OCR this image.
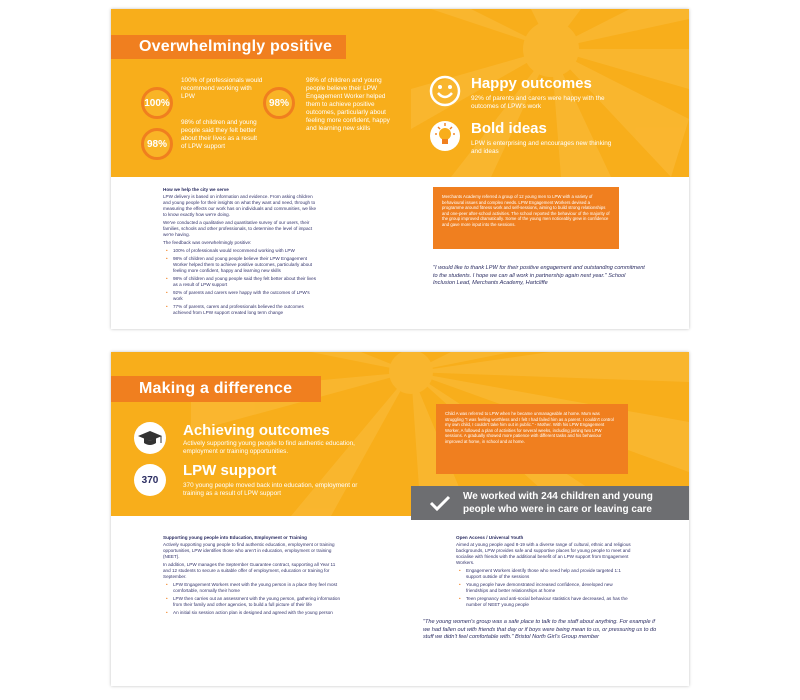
Overwhelmingly positive
100%
100% of professionals would recommend working with LPW
98%
98% of children and young people said they felt better about their lives as a result of LPW support
98%
98% of children and young people believe their LPW Engagement Worker helped them to achieve positive outcomes, particularly about feeling more confident, happy and learning new skills
Happy outcomes
92% of parents and carers were happy with the outcomes of LPW's work
Bold ideas
LPW is enterprising and encourages new thinking and ideas
How we help the city we serve

LPW delivery is based on information and evidence. From asking children and young people for their insights on what they want and need, through to measuring the effects our work has on individuals and communities, we like to know exactly how we're doing.

We've conducted a qualitative and quantitative survey of our users, their families, schools and other professionals, to determine the level of impact we're having.

The feedback was overwhelmingly positive:

• 100% of professionals would recommend working with LPW
• 98% of children and young people believe their LPW Engagement Worker helped them to achieve positive outcomes, particularly about feeling more confident, happy and learning new skills
• 98% of children and young people said they felt better about their lives as a result of LPW support
• 92% of parents and carers were happy with the outcomes of LPW's work
• 77% of parents, carers and professionals believed the outcomes achieved from LPW support created long term change
Merchants Academy referred a group of 12 young men to LPW with a variety of behavioural issues and complex needs. LPW Engagement Workers devised a programme around fitness work and self-sessions, aiming to build strong relationships and one-peer after-school activities. The school reported the behaviour of the majority of the group improved dramatically. Some of the young men noticeably grew in confidence and gave more input into the sessions.
"I would like to thank LPW for their positive engagement and outstanding commitment to the students. I hope we can all work in partnership again next year." School Inclusion Lead, Merchants Academy, Hartcliffe
Making a difference
Achieving outcomes
Actively supporting young people to find authentic education, employment or training opportunities.
370
LPW support
370 young people moved back into education, employment or training as a result of LPW support
Child A was referred to LPW when he became unmanageable at home. Mum was struggling "I was feeling worthless and I felt I had failed him as a parent. I couldn't control my own child, I couldn't take him out in public." - Mother. With his LPW Engagement Worker, A followed a plan of activities for several weeks, including joining two LPW sessions. A gradually showed more patience with different tasks and his behaviour improved at home, in school and at home.
We worked with 244 children and young people who were in care or leaving care
Supporting young people into Education, Employment or Training

Actively supporting young people to find authentic education, employment or training opportunities, LPW identifies those who aren't in education, employment or training (NEET).

In addition, LPW manages the September Guarantee contract, supporting all Year 11 and 12 students to secure a suitable offer of employment, education or training for September.

• LPW Engagement Workers meet with the young person in a place they feel most comfortable, normally their home
• LPW then carries out an assessment with the young person, gathering information from their family and other agencies, to build a full picture of their life
• An initial six session action plan is designed and agreed with the young person
Open Access / Universal Youth

Aimed at young people aged 8-19 with a diverse range of cultural, ethnic and religious backgrounds, LPW provides safe and supportive places for young people to meet and socialise with friends with the additional benefit of an LPW support from Engagement Workers.

• Engagement Workers identify those who need help and provide targeted 1:1 support outside of the sessions
• Young people have demonstrated increased confidence, developed new friendships and better relationships at home
• Teen pregnancy and anti-social behaviour statistics have decreased, as has the number of NEET young people
"The young women's group was a safe place to talk to the staff about anything. For example if we had fallen out with friends that day or if boys were being mean to us, or pressuring us to do stuff we didn't feel comfortable with." Bristol North Girl's Group member
